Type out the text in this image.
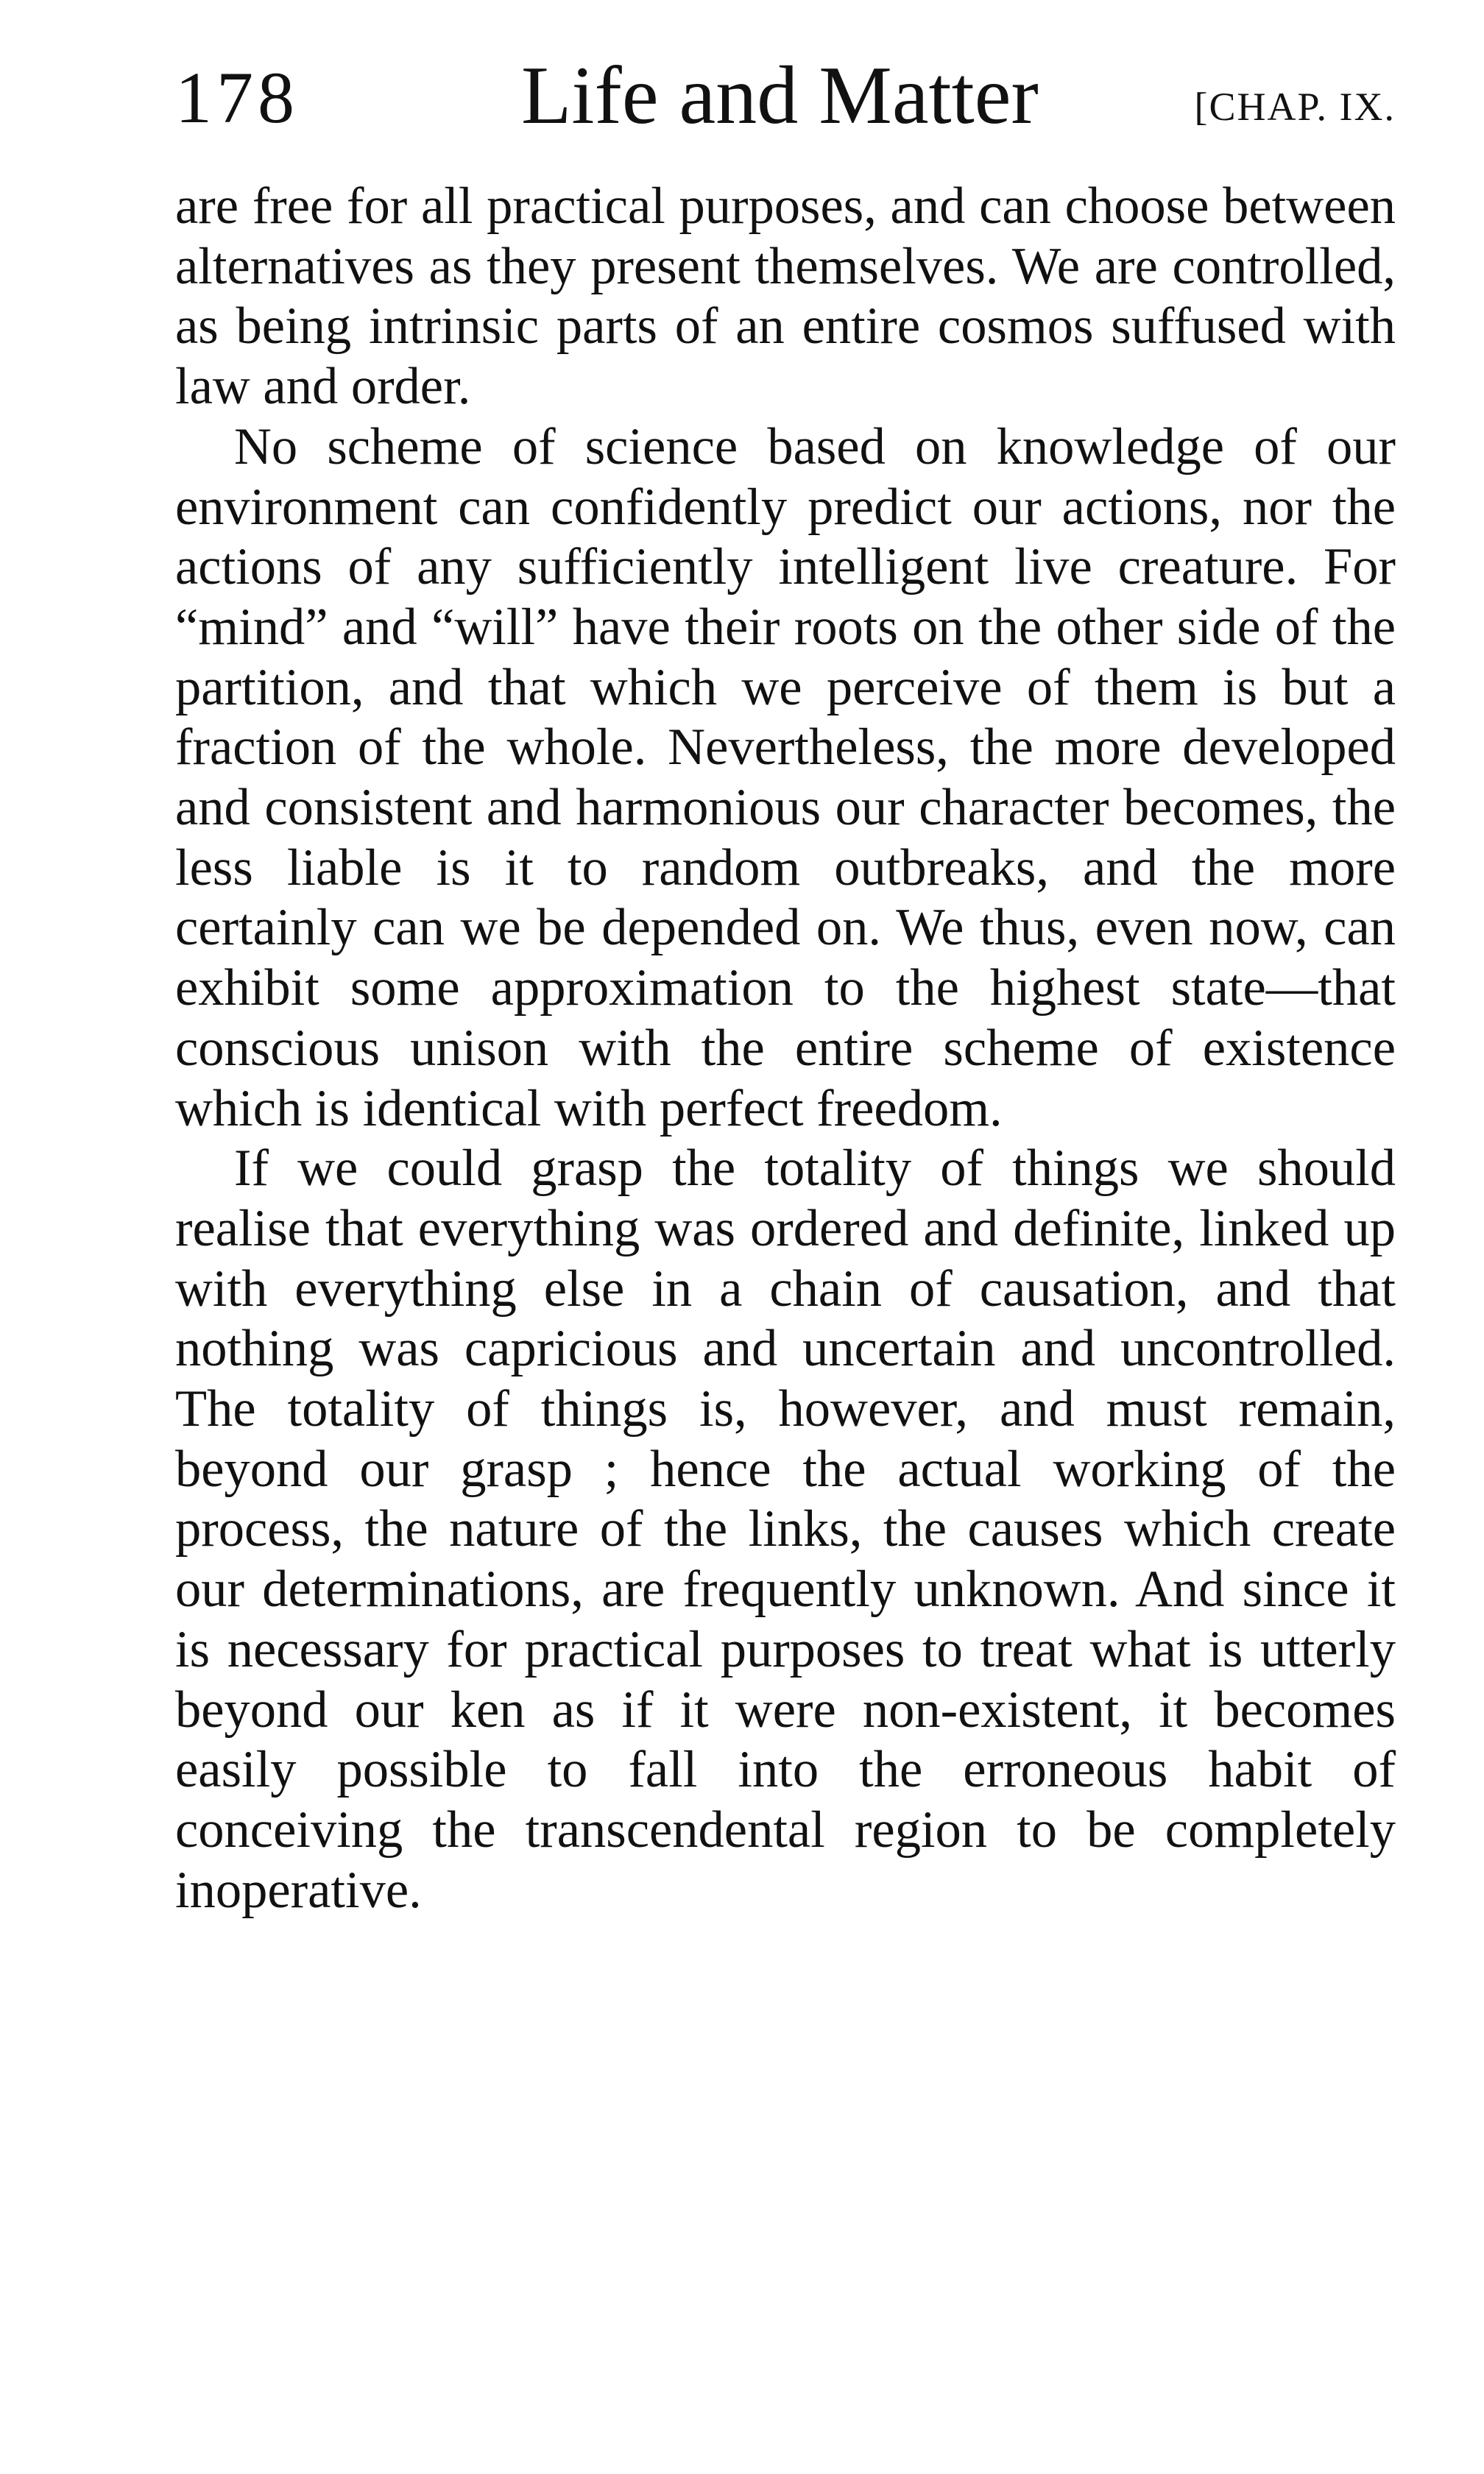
178	Life and Matter	[CHAP. IX.

are free for all practical purposes, and can choose between alternatives as they present themselves. We are controlled, as being intrinsic parts of an entire cosmos suffused with law and order.

No scheme of science based on knowledge of our environment can confidently predict our actions, nor the actions of any sufficiently intelligent live creature. For “mind” and “will” have their roots on the other side of the partition, and that which we perceive of them is but a fraction of the whole. Nevertheless, the more developed and consistent and harmonious our character becomes, the less liable is it to random outbreaks, and the more certainly can we be depended on. We thus, even now, can exhibit some approximation to the highest state—that conscious unison with the entire scheme of existence which is identical with perfect freedom.

If we could grasp the totality of things we should realise that everything was ordered and definite, linked up with everything else in a chain of causation, and that nothing was capricious and uncertain and uncontrolled. The totality of things is, however, and must remain, beyond our grasp ; hence the actual working of the process, the nature of the links, the causes which create our determinations, are frequently unknown. And since it is necessary for practical purposes to treat what is utterly beyond our ken as if it were non-existent, it becomes easily possible to fall into the erroneous habit of conceiving the transcendental region to be completely inoperative.
